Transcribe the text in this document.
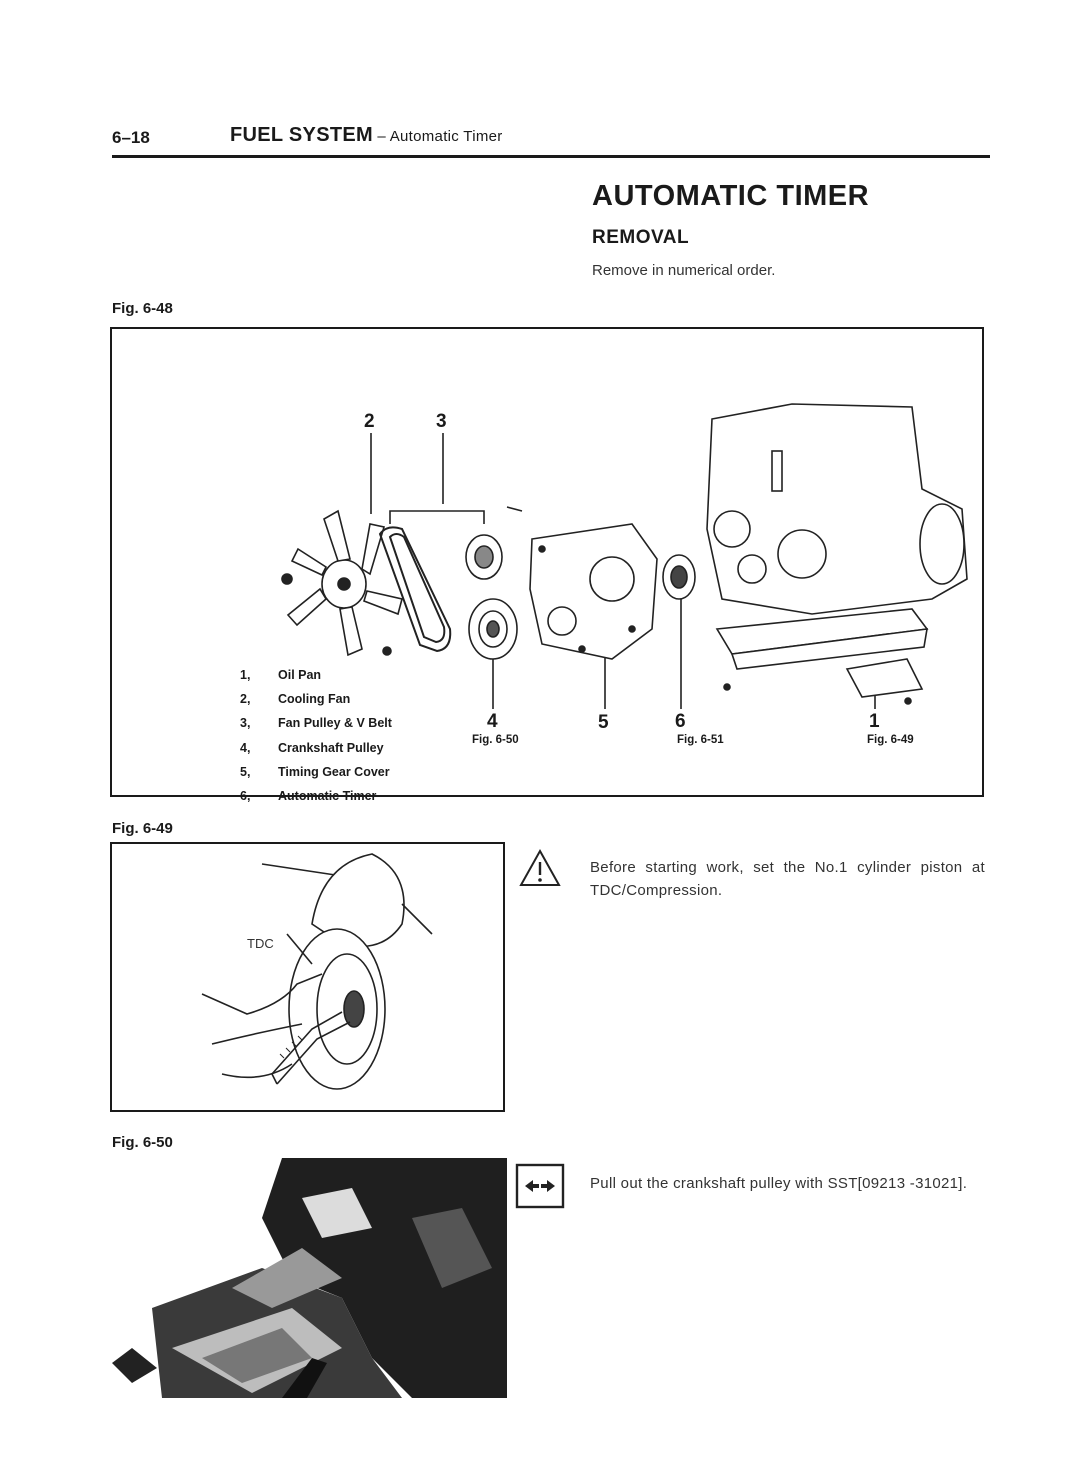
6–18	FUEL SYSTEM – Automatic Timer
AUTOMATIC TIMER
REMOVAL
Remove in numerical order.
Fig. 6-48
1,	Oil Pan
2,	Cooling Fan
3,	Fan Pulley & V Belt
4,	Crankshaft Pulley
5,	Timing Gear Cover
6,	Automatic Timer
2	3
4
Fig. 6-50
5	6
Fig. 6-51
1
Fig. 6-49
Fig. 6-49
TDC
Before starting work, set the No.1 cylinder piston at TDC/Compression.
Fig. 6-50
Pull out the crankshaft pulley with SST[09213 -31021].
